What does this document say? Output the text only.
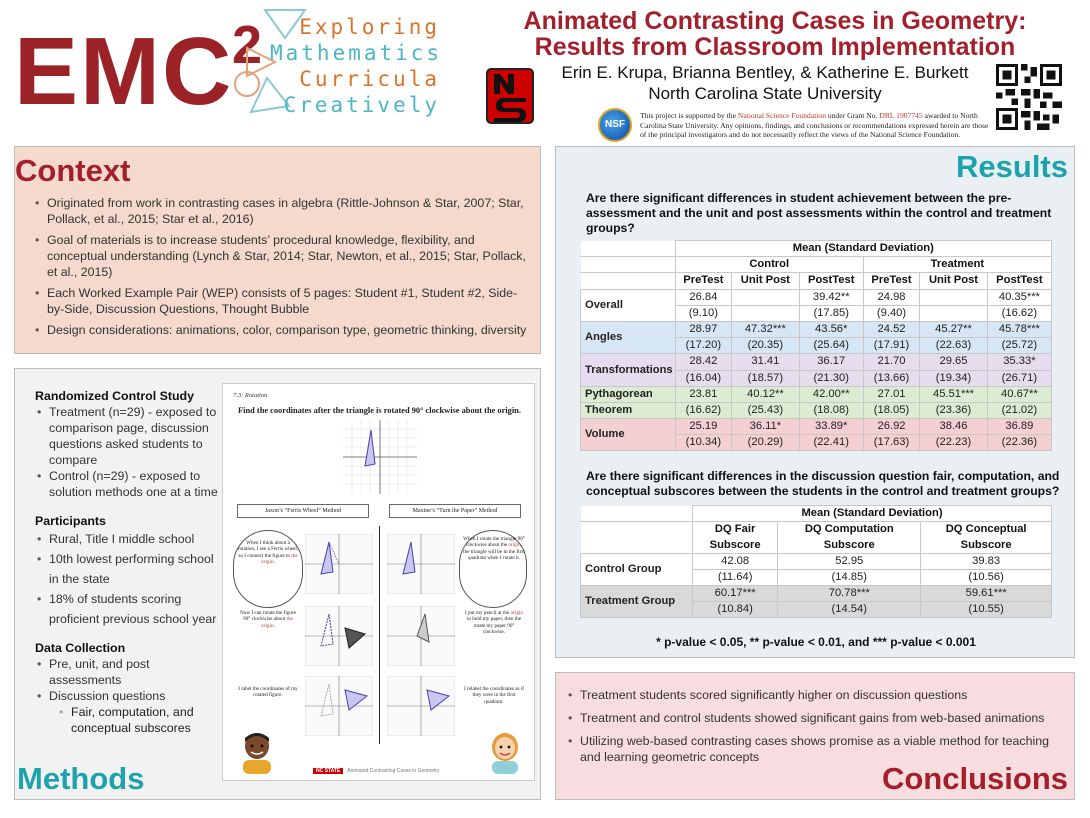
EMC
2	Exploring
Mathematics
Curricula
Creatively
Animated Contrasting Cases in Geometry:
Results from Classroom Implementation
Erin E. Krupa, Brianna Bentley, & Katherine E. Burkett
North Carolina State University
NSF
This project is supported by the National Science Foundation under Grant No. DRL 1907745 awarded to North Carolina State University. Any opinions, findings, and conclusions or recommendations expressed herein are those of the principal investigators and do not necessarily reflect the views of the National Science Foundation.
Context
• Originated from work in contrasting cases in algebra (Rittle-Johnson & Star, 2007; Star, Pollack, et al., 2015; Star et al., 2016)
• Goal of materials is to increase students’ procedural knowledge, flexibility, and conceptual understanding (Lynch & Star, 2014; Star, Newton, et al., 2015; Star, Pollack, et al., 2015)
• Each Worked Example Pair (WEP) consists of 5 pages: Student #1, Student #2, Side-by-Side, Discussion Questions, Thought Bubble
• Design considerations: animations, color, comparison type, geometric thinking, diversity
Randomized Control Study
• Treatment (n=29) - exposed to comparison page, discussion questions asked students to compare
• Control (n=29) - exposed to solution methods one at a time
Participants
• Rural, Title I middle school
• 10th lowest performing school in the state
• 18% of students scoring proficient previous school year
Data Collection
• Pre, unit, and post assessments
• Discussion questions
• Fair, computation, and conceptual subscores
7.3: Rotation
Find the coordinates after the triangle is rotated 90° clockwise about the origin.
Jaxon’s “Ferris Wheel” Method	Maxine’s “Turn the Paper” Method
When I think about a rotation, I see a Ferris wheel, so I connect the figure to the origin.
Now I can rotate the figure 90° clockwise about the origin.
I label the coordinates of my rotated figure.
When I rotate the triangle 90° clockwise about the origin, the triangle will be in the first quadrant when I rotate it.
I put my pencil at the origin to hold my paper, then the rotate my paper 90° clockwise.
I relabel the coordinates as if they were in the first quadrant.
NC STATE Animated Contrasting Cases in Geometry
Methods
Results
Are there significant differences in student achievement between the pre-assessment and the unit and post assessments within the control and treatment groups?
	Mean (Standard Deviation)					
	Control			Treatment		
	PreTest	Unit Post	PostTest	PreTest	Unit Post	PostTest
Overall	26.84		39.42**	24.98		40.35***
	(9.10)		(17.85)	(9.40)		(16.62)
Angles	28.97	47.32***	43.56*	24.52	45.27**	45.78***
	(17.20)	(20.35)	(25.64)	(17.91)	(22.63)	(25.72)
Transformations	28.42	31.41	36.17	21.70	29.65	35.33*
	(16.04)	(18.57)	(21.30)	(13.66)	(19.34)	(26.71)
Pythagorean	23.81	40.12**	42.00**	27.01	45.51***	40.67**
Theorem	(16.62)	(25.43)	(18.08)	(18.05)	(23.36)	(21.02)
Volume	25.19	36.11*	33.89*	26.92	38.46	36.89
	(10.34)	(20.29)	(22.41)	(17.63)	(22.23)	(22.36)
Are there significant differences in the discussion question fair, computation, and conceptual subscores between the students in the control and treatment groups?
	Mean (Standard Deviation)		
	DQ Fair	DQ Computation	DQ Conceptual
	Subscore	Subscore	Subscore
Control Group	42.08	52.95	39.83
	(11.64)	(14.85)	(10.56)
Treatment Group	60.17***	70.78***	59.61***
	(10.84)	(14.54)	(10.55)
* p-value < 0.05, ** p-value < 0.01, and *** p-value < 0.001
• Treatment students scored significantly higher on discussion questions
• Treatment and control students showed significant gains from web-based animations
• Utilizing web-based contrasting cases shows promise as a viable method for teaching and learning geometric concepts
Conclusions
